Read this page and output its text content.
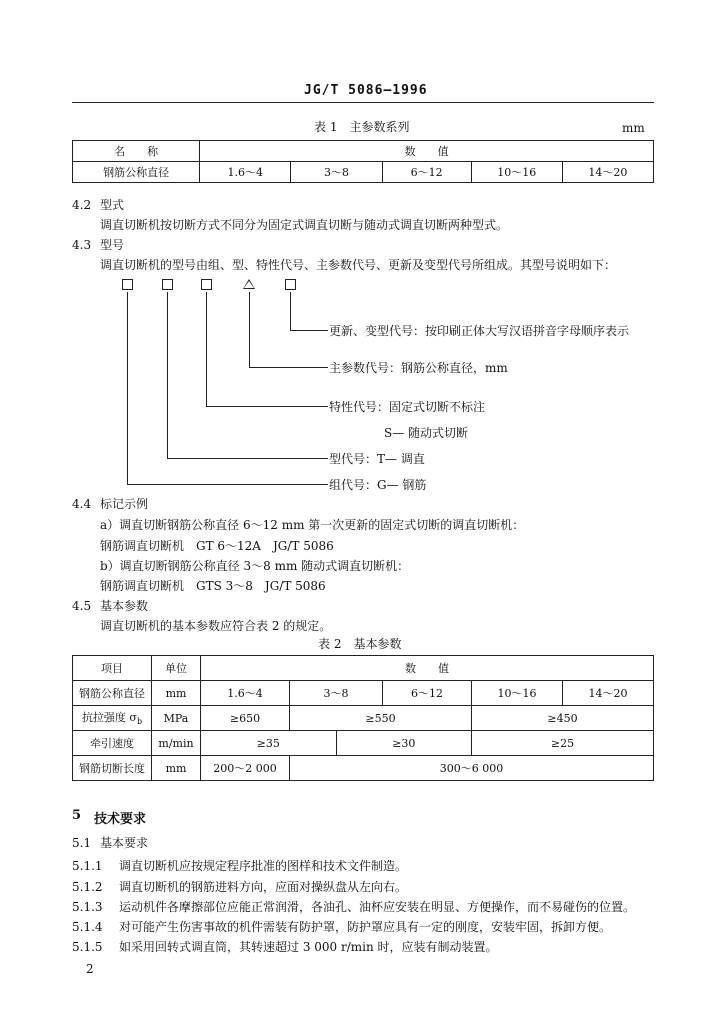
JG/T 5086—1996
表 1　主参数系列	mm
名　　称	数　　值				
钢筋公称直径	1.6～4	3～8	6～12	10～16	14～20
4.2 型式
调直切断机按切断方式不同分为固定式调直切断与随动式调直切断两种型式。
4.3 型号
调直切断机的型号由组、型、特性代号、主参数代号、更新及变型代号所组成。其型号说明如下：
更新、变型代号：按印刷正体大写汉语拼音字母顺序表示
主参数代号：钢筋公称直径，mm
特性代号：固定式切断不标注
S— 随动式切断
型代号：T— 调直
组代号：G— 钢筋
4.4 标记示例
a）调直切断钢筋公称直径 6～12 mm 第一次更新的固定式切断的调直切断机：
钢筋调直切断机　GT 6～12A　JG/T 5086
b）调直切断钢筋公称直径 3～8 mm 随动式调直切断机：
钢筋调直切断机　GTS 3～8　JG/T 5086
4.5 基本参数
调直切断机的基本参数应符合表 2 的规定。
表 2　基本参数
项目	单位	数　　值					
钢筋公称直径	mm	1.6～4	3～8		6～12	10～16	14～20
抗拉强度 $\sigma_b$	MPa	≥650	≥550			≥450	
牵引速度	m/min	≥35		≥30		≥25	
钢筋切断长度	mm	200～2 000	300～6 000				
5 技术要求
5.1 基本要求
5.1.1 调直切断机应按规定程序批准的图样和技术文件制造。
5.1.2 调直切断机的钢筋进料方向，应面对操纵盘从左向右。
5.1.3 运动机件各摩擦部位应能正常润滑，各油孔、油杯应安装在明显、方便操作，而不易碰伤的位置。
5.1.4 对可能产生伤害事故的机件需装有防护罩，防护罩应具有一定的刚度，安装牢固，拆卸方便。
5.1.5 如采用回转式调直筒，其转速超过 3 000 r/min 时，应装有制动装置。
2
